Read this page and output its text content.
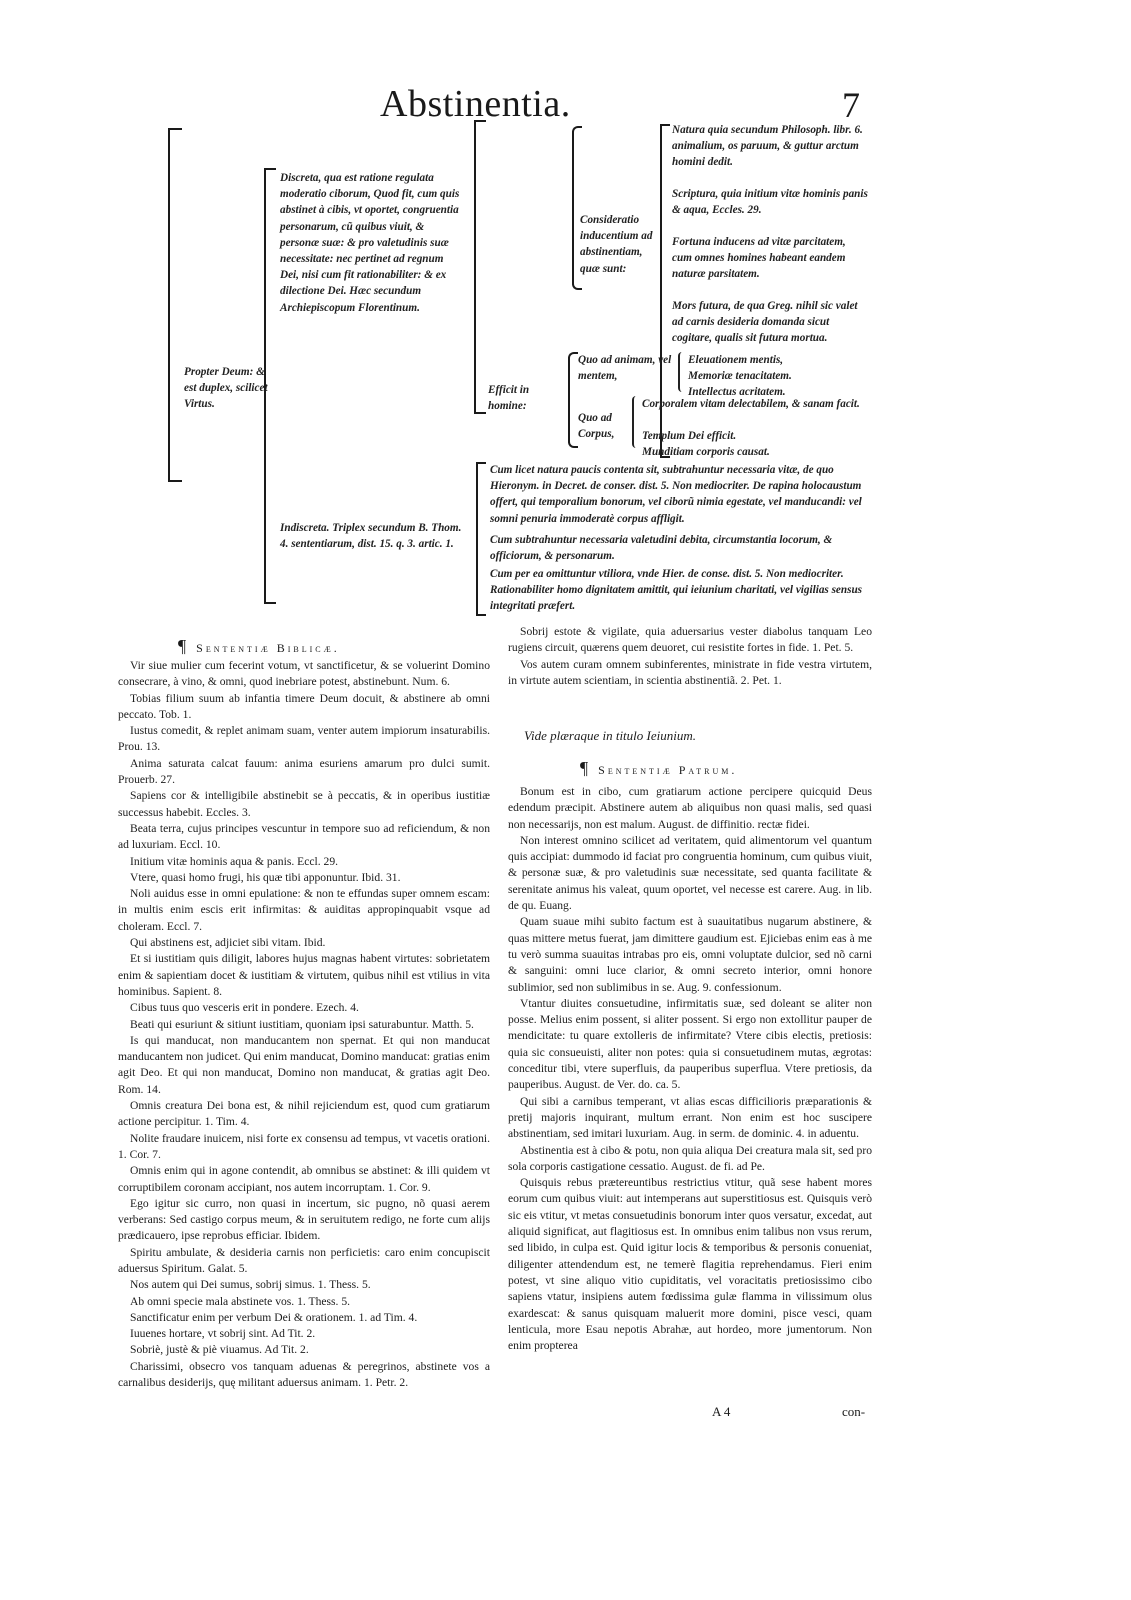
Abstinentia.	7
Propter Deum: & est duplex, scilicet Virtus.
Discreta, qua est ratione regulata moderatio ciborum, Quod fit, cum quis abstinet à cibis, vt oportet, congruentia personarum, cũ quibus viuit, & personæ suæ: & pro valetudinis suæ necessitate: nec pertinet ad regnum Dei, nisi cum fit rationabiliter: & ex dilectione Dei. Hæc secundum Archiepiscopum Florentinum.
Consideratio inducentium ad abstinentiam, quæ sunt:
Natura quia secundum Philosoph. libr. 6. animalium, os paruum, & guttur arctum homini dedit.
Scriptura, quia initium vitæ hominis panis & aqua, Eccles. 29.
Fortuna inducens ad vitæ parcitatem, cum omnes homines habeant eandem naturæ parsitatem.
Mors futura, de qua Greg. nihil sic valet ad carnis desideria domanda sicut cogitare, qualis sit futura mortua.
Efficit in homine:
Quo ad animam, vel mentem,
Eleuationem mentis,
Memoriæ tenacitatem.
Intellectus acritatem.
Quo ad Corpus,
Corporalem vitam delectabilem, & sanam facit.
Templum Dei efficit.
Munditiam corporis causat.
Indiscreta. Triplex secundum B. Thom. 4. sententiarum, dist. 15. q. 3. artic. 1.
Cum licet natura paucis contenta sit, subtrahuntur necessaria vitæ, de quo Hieronym. in Decret. de conser. dist. 5. Non mediocriter. De rapina holocaustum offert, qui temporalium bonorum, vel ciborũ nimia egestate, vel manducandi: vel somni penuria immoderatè corpus affligit.
Cum subtrahuntur necessaria valetudini debita, circumstantia locorum, & officiorum, & personarum.
Cum per ea omittuntur vtiliora, vnde Hier. de conse. dist. 5. Non mediocriter. Rationabiliter homo dignitatem amittit, qui ieiunium charitati, vel vigilias sensus integritati præfert.
¶ Sententiæ Biblicæ.

Vir siue mulier cum fecerint votum, vt sanctificetur, & se voluerint Domino consecrare, à vino, & omni, quod inebriare potest, abstinebunt. Num. 6.

Tobias filium suum ab infantia timere Deum docuit, & abstinere ab omni peccato. Tob. 1.

Iustus comedit, & replet animam suam, venter autem impiorum insaturabilis. Prou. 13.

Anima saturata calcat fauum: anima esuriens amarum pro dulci sumit. Prouerb. 27.

Sapiens cor & intelligibile abstinebit se à peccatis, & in operibus iustitiæ successus habebit. Eccles. 3.

Beata terra, cujus principes vescuntur in tempore suo ad reficiendum, & non ad luxuriam. Eccl. 10.

Initium vitæ hominis aqua & panis. Eccl. 29.

Vtere, quasi homo frugi, his quæ tibi apponuntur. Ibid. 31.

Noli auidus esse in omni epulatione: & non te effundas super omnem escam: in multis enim escis erit infirmitas: & auiditas appropinquabit vsque ad choleram. Eccl. 7.

Qui abstinens est, adjiciet sibi vitam. Ibid.

Et si iustitiam quis diligit, labores hujus magnas habent virtutes: sobrietatem enim & sapientiam docet & iustitiam & virtutem, quibus nihil est vtilius in vita hominibus. Sapient. 8.

Cibus tuus quo vesceris erit in pondere. Ezech. 4.

Beati qui esuriunt & sitiunt iustitiam, quoniam ipsi saturabuntur. Matth. 5.

Is qui manducat, non manducantem non spernat. Et qui non manducat manducantem non judicet. Qui enim manducat, Domino manducat: gratias enim agit Deo. Et qui non manducat, Domino non manducat, & gratias agit Deo. Rom. 14.

Omnis creatura Dei bona est, & nihil rejiciendum est, quod cum gratiarum actione percipitur. 1. Tim. 4.

Nolite fraudare inuicem, nisi forte ex consensu ad tempus, vt vacetis orationi. 1. Cor. 7.

Omnis enim qui in agone contendit, ab omnibus se abstinet: & illi quidem vt corruptibilem coronam accipiant, nos autem incorruptam. 1. Cor. 9.

Ego igitur sic curro, non quasi in incertum, sic pugno, nõ quasi aerem verberans: Sed castigo corpus meum, & in seruitutem redigo, ne forte cum alijs prædicauero, ipse reprobus efficiar. Ibidem.

Spiritu ambulate, & desideria carnis non perficietis: caro enim concupiscit aduersus Spiritum. Galat. 5.

Nos autem qui Dei sumus, sobrij simus. 1. Thess. 5.

Ab omni specie mala abstinete vos. 1. Thess. 5.

Sanctificatur enim per verbum Dei & orationem. 1. ad Tim. 4.

Iuuenes hortare, vt sobrij sint. Ad Tit. 2.

Sobriè, justè & piè viuamus. Ad Tit. 2.

Charissimi, obsecro vos tanquam aduenas & peregrinos, abstinete vos a carnalibus desiderijs, quę militant aduersus animam. 1. Petr. 2.

Sobrij estote & vigilate, quia aduersarius vester diabolus tanquam Leo rugiens circuit, quærens quem deuoret, cui resistite fortes in fide. 1. Pet. 5.

Vos autem curam omnem subinferentes, ministrate in fide vestra virtutem, in virtute autem scientiam, in scientia abstinentiã. 2. Pet. 1.

Vide plæraque in titulo Ieiunium.
¶ Sententiæ Patrum.

Bonum est in cibo, cum gratiarum actione percipere quicquid Deus edendum præcipit. Abstinere autem ab aliquibus non quasi malis, sed quasi non necessarijs, non est malum. August. de diffinitio. rectæ fidei.

Non interest omnino scilicet ad veritatem, quid alimentorum vel quantum quis accipiat: dummodo id faciat pro congruentia hominum, cum quibus viuit, & personæ suæ, & pro valetudinis suæ necessitate, sed quanta facilitate & serenitate animus his valeat, quum oportet, vel necesse est carere. Aug. in lib. de qu. Euang.

Quam suaue mihi subito factum est à suauitatibus nugarum abstinere, & quas mittere metus fuerat, jam dimittere gaudium est. Ejiciebas enim eas à me tu verò summa suauitas intrabas pro eis, omni voluptate dulcior, sed nõ carni & sanguini: omni luce clarior, & omni secreto interior, omni honore sublimior, sed non sublimibus in se. Aug. 9. confessionum.

Vtantur diuites consuetudine, infirmitatis suæ, sed doleant se aliter non posse. Melius enim possent, si aliter possent. Si ergo non extollitur pauper de mendicitate: tu quare extolleris de infirmitate? Vtere cibis electis, pretiosis: quia sic consueuisti, aliter non potes: quia si consuetudinem mutas, ægrotas: conceditur tibi, vtere superfluis, da pauperibus superflua. Vtere pretiosis, da pauperibus. August. de Ver. do. ca. 5.

Qui sibi a carnibus temperant, vt alias escas difficilioris præparationis & pretij majoris inquirant, multum errant. Non enim est hoc suscipere abstinentiam, sed imitari luxuriam. Aug. in serm. de dominic. 4. in aduentu.

Abstinentia est à cibo & potu, non quia aliqua Dei creatura mala sit, sed pro sola corporis castigatione cessatio. August. de fi. ad Pe.

Quisquis rebus prætereuntibus restrictius vtitur, quã sese habent mores eorum cum quibus viuit: aut intemperans aut superstitiosus est. Quisquis verò sic eis vtitur, vt metas consuetudinis bonorum inter quos versatur, excedat, aut aliquid significat, aut flagitiosus est. In omnibus enim talibus non vsus rerum, sed libido, in culpa est. Quid igitur locis & temporibus & personis conueniat, diligenter attendendum est, ne temerè flagitia reprehendamus. Fieri enim potest, vt sine aliquo vitio cupiditatis, vel voracitatis pretiosissimo cibo sapiens vtatur, insipiens autem fœdissima gulæ flamma in vilissimum olus exardescat: & sanus quisquam maluerit more domini, pisce vesci, quam lenticula, more Esau nepotis Abrahæ, aut hordeo, more jumentorum. Non enim propterea

A 4	con-
